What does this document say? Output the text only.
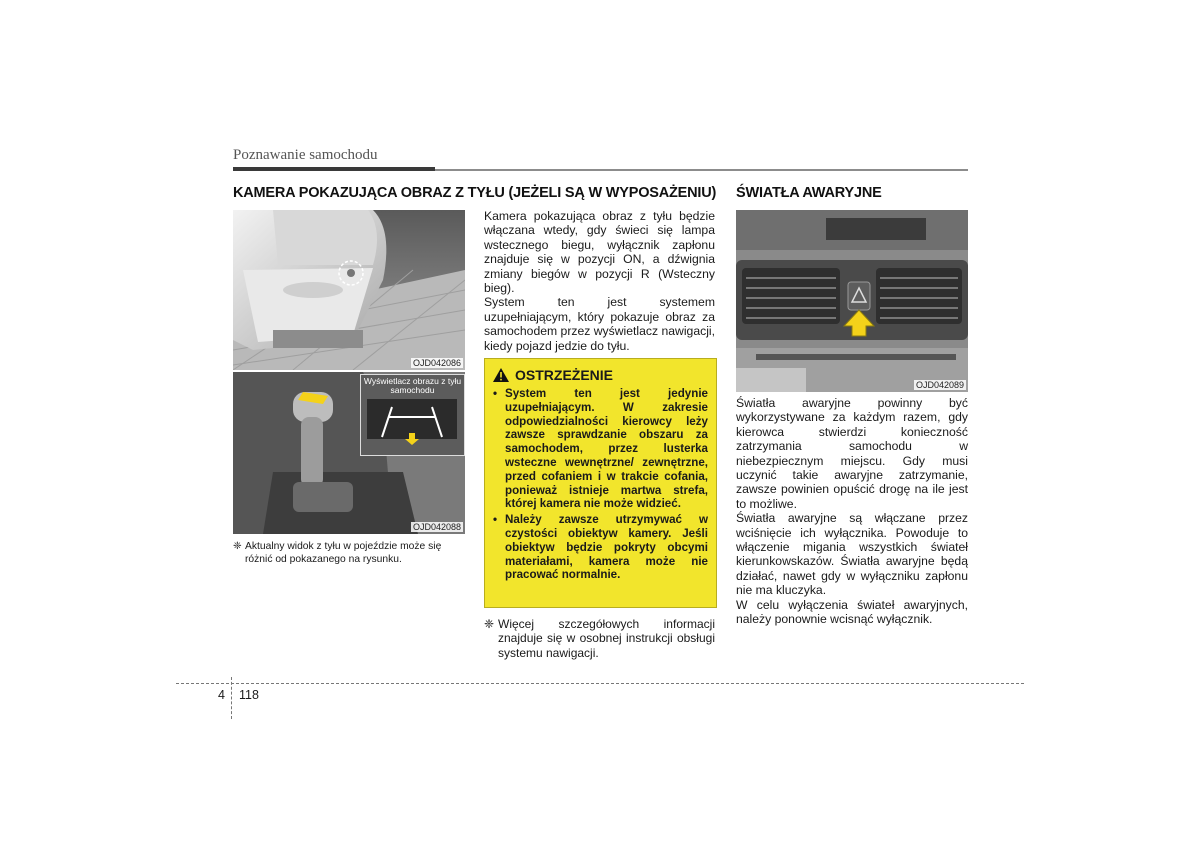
Poznawanie samochodu
KAMERA POKAZUJĄCA OBRAZ Z TYŁU (JEŻELI SĄ W WYPOSAŻENIU) ŚWIATŁA AWARYJNE
OJD042086
Wyświetlacz obrazu z tyłu samochodu
OJD042088
❈ Aktualny widok z tyłu w pojeździe może się różnić od pokazanego na rysunku.

Kamera pokazująca obraz z tyłu będzie włączana wtedy, gdy świeci się lampa wstecznego biegu, wyłącznik zapłonu znajduje się w pozycji ON, a dźwignia zmiany biegów w pozycji R (Wsteczny bieg).

System ten jest systemem uzupełniającym, który pokazuje obraz za samochodem przez wyświetlacz nawigacji, kiedy pojazd jedzie do tyłu.

OSTRZEŻENIE
• System ten jest jedynie uzupełniającym. W zakresie odpowiedzialności kierowcy leży zawsze sprawdzanie obszaru za samochodem, przez lusterka wsteczne wewnętrzne/ zewnętrzne, przed cofaniem i w trakcie cofania, ponieważ istnieje martwa strefa, której kamera nie może widzieć.
• Należy zawsze utrzymywać w czystości obiektyw kamery. Jeśli obiektyw będzie pokryty obcymi materiałami, kamera może nie pracować normalnie.
❈ Więcej szczegółowych informacji znajduje się w osobnej instrukcji obsługi systemu nawigacji.
OJD042089

Światła awaryjne powinny być wykorzystywane za każdym razem, gdy kierowca stwierdzi konieczność zatrzymania samochodu w niebezpiecznym miejscu. Gdy musi uczynić takie awaryjne zatrzymanie, zawsze powinien opuścić drogę na ile jest to możliwe.

Światła awaryjne są włączane przez wciśnięcie ich wyłącznika. Powoduje to włączenie migania wszystkich świateł kierunkowskazów. Światła awaryjne będą działać, nawet gdy w wyłączniku zapłonu nie ma kluczyka.

W celu wyłączenia świateł awaryjnych, należy ponownie wcisnąć wyłącznik.

4 118
